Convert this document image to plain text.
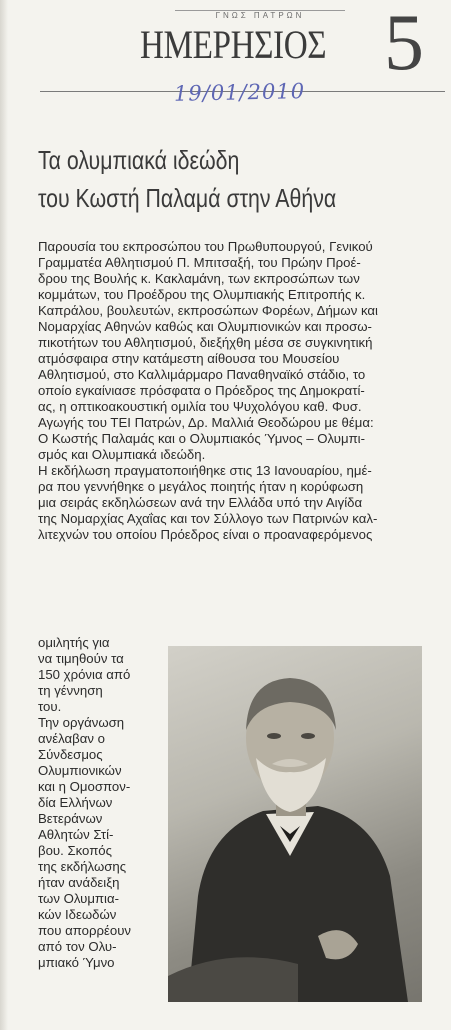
ΓΝΩΣ ΠΑΤΡΩΝ
ΗΜΕΡΗΣΙΟΣ 5
19/01/2010
Τα ολυμπιακά ιδεώδη
του Κωστή Παλαμά στην Αθήνα
Παρουσία του εκπροσώπου του Πρωθυπουργού, Γενικού
Γραμματέα Αθλητισμού Π. Μπιτσαξή, του Πρώην Προέ-
δρου της Βουλής κ. Κακλαμάνη, των εκπροσώπων των
κομμάτων, του Προέδρου της Ολυμπιακής Επιτροπής κ.
Καπράλου, βουλευτών, εκπροσώπων Φορέων, Δήμων και
Νομαρχίας Αθηνών καθώς και Ολυμπιονικών και προσω-
πικοτήτων του Αθλητισμού, διεξήχθη μέσα σε συγκινητική
ατμόσφαιρα στην κατάμεστη αίθουσα του Μουσείου
Αθλητισμού, στο Καλλιμάρμαρο Παναθηναϊκό στάδιο, το
οποίο εγκαίνιασε πρόσφατα ο Πρόεδρος της Δημοκρατί-
ας, η οπτικοακουστική ομιλία του Ψυχολόγου καθ. Φυσ.
Αγωγής του ΤΕΙ Πατρών, Δρ. Μαλλιά Θεοδώρου με θέμα:
Ο Κωστής Παλαμάς και ο Ολυμπιακός Ύμνος – Ολυμπι-
σμός και Ολυμπιακά ιδεώδη.
Η εκδήλωση πραγματοποιήθηκε στις 13 Ιανουαρίου, ημέ-
ρα που γεννήθηκε ο μεγάλος ποιητής ήταν η κορύφωση
μια σειράς εκδηλώσεων ανά την Ελλάδα υπό την Αιγίδα
της Νομαρχίας Αχαΐας και τον Σύλλογο των Πατρινών καλ-
λιτεχνών του οποίου Πρόεδρος είναι ο προαναφερόμενος
ομιλητής για
να τιμηθούν τα
150 χρόνια από
τη γέννηση
του.
Την οργάνωση
ανέλαβαν ο
Σύνδεσμος
Ολυμπιονικών
και η Ομοσπον-
δία Ελλήνων
Βετεράνων
Αθλητών Στί-
βου. Σκοπός
της εκδήλωσης
ήταν ανάδειξη
των Ολυμπια-
κών Ιδεωδών
που απορρέουν
από τον Ολυ-
μπιακό Ύμνο
